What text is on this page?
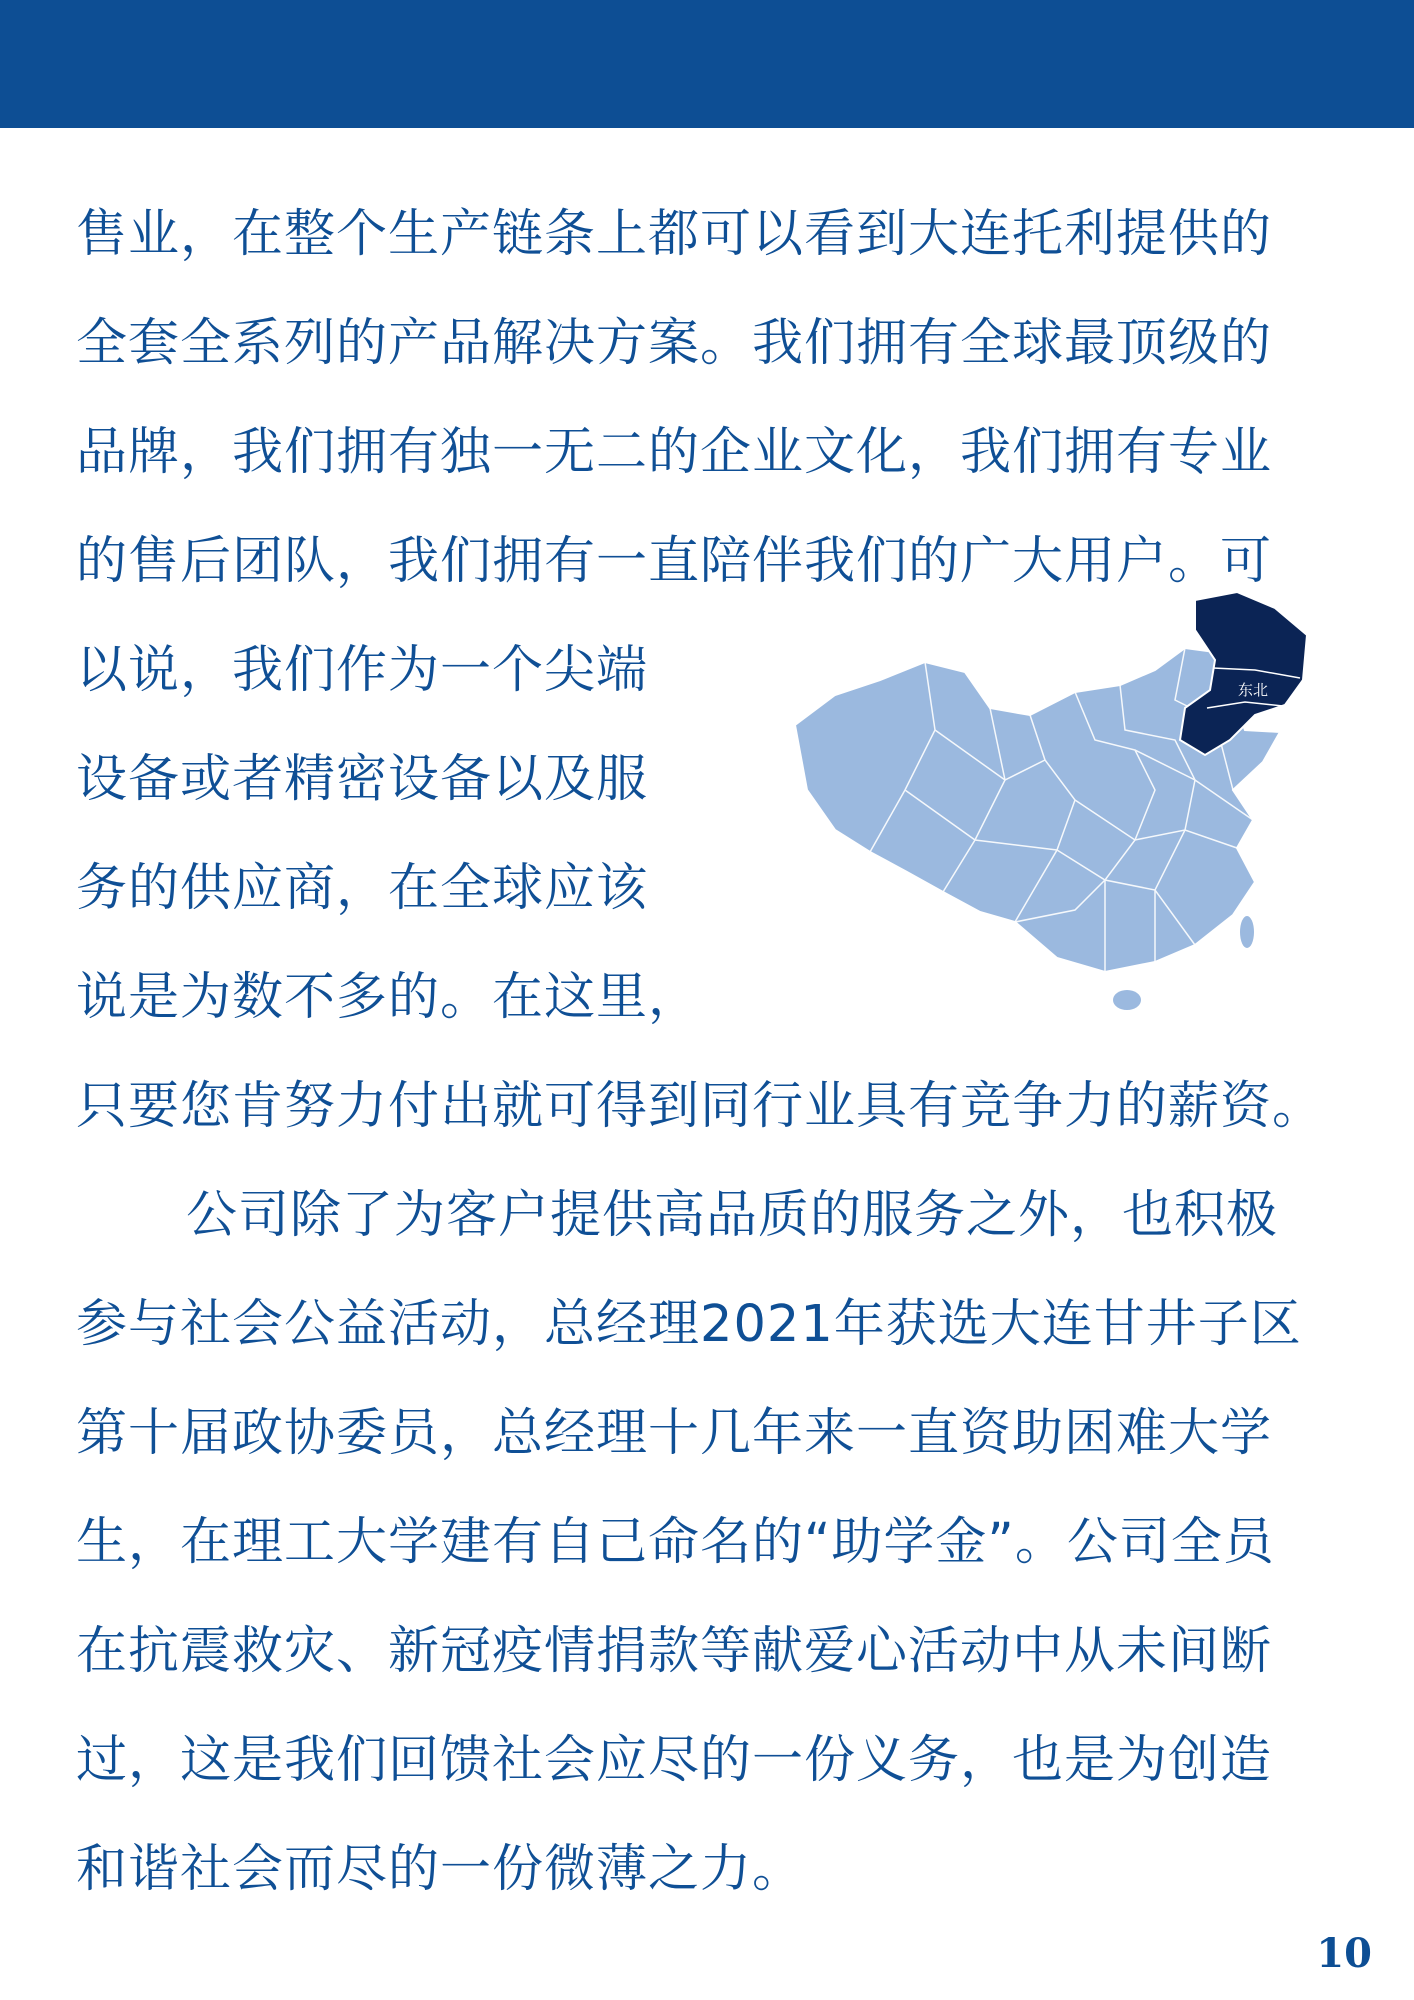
售业，在整个生产链条上都可以看到大连托利提供的
全套全系列的产品解决方案。我们拥有全球最顶级的
品牌，我们拥有独一无二的企业文化，我们拥有专业
的售后团队，我们拥有一直陪伴我们的广大用户。可
以说，我们作为一个尖端
设备或者精密设备以及服
务的供应商，在全球应该
说是为数不多的。在这里，
只要您肯努力付出就可得到同行业具有竞争力的薪资。
公司除了为客户提供高品质的服务之外，也积极
参与社会公益活动，总经理2021年获选大连甘井子区
第十届政协委员，总经理十几年来一直资助困难大学
生，在理工大学建有自己命名的“助学金”。公司全员
在抗震救灾、新冠疫情捐款等献爱心活动中从未间断
过，这是我们回馈社会应尽的一份义务，也是为创造
和谐社会而尽的一份微薄之力。
东北
10
